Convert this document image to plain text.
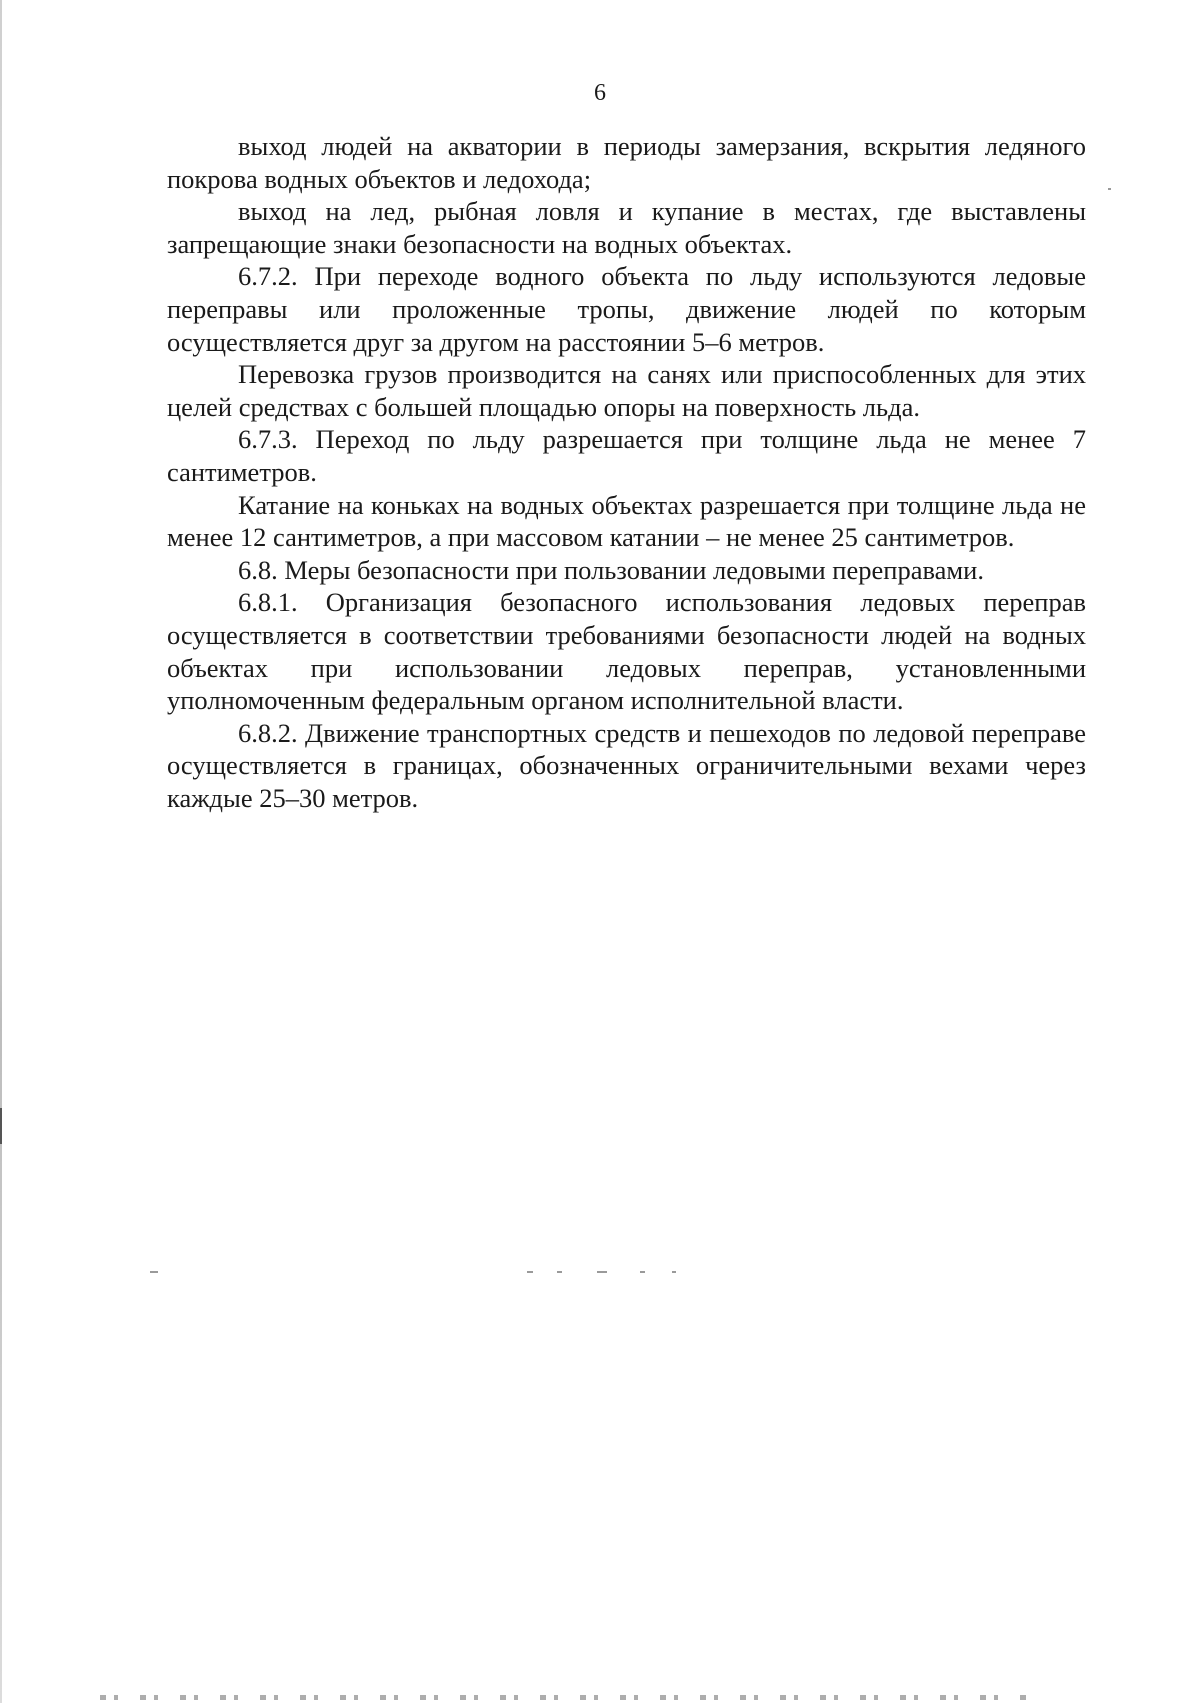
6

выход людей на акватории в периоды замерзания, вскрытия ледяного покрова водных объектов и ледохода;

выход на лед, рыбная ловля и купание в местах, где выставлены запрещающие знаки безопасности на водных объектах.

6.7.2. При переходе водного объекта по льду используются ледовые переправы или проложенные тропы, движение людей по которым осуществляется друг за другом на расстоянии 5–6 метров.

Перевозка грузов производится на санях или приспособленных для этих целей средствах с большей площадью опоры на поверхность льда.

6.7.3. Переход по льду разрешается при толщине льда не менее 7 сантиметров.

Катание на коньках на водных объектах разрешается при толщине льда не менее 12 сантиметров, а при массовом катании – не менее 25 сантиметров.

6.8. Меры безопасности при пользовании ледовыми переправами.

6.8.1. Организация безопасного использования ледовых переправ осуществляется в соответствии требованиями безопасности людей на водных объектах при использовании ледовых переправ, установленными уполномоченным федеральным органом исполнительной власти.

6.8.2. Движение транспортных средств и пешеходов по ледовой переправе осуществляется в границах, обозначенных ограничительными вехами через каждые 25–30 метров.
